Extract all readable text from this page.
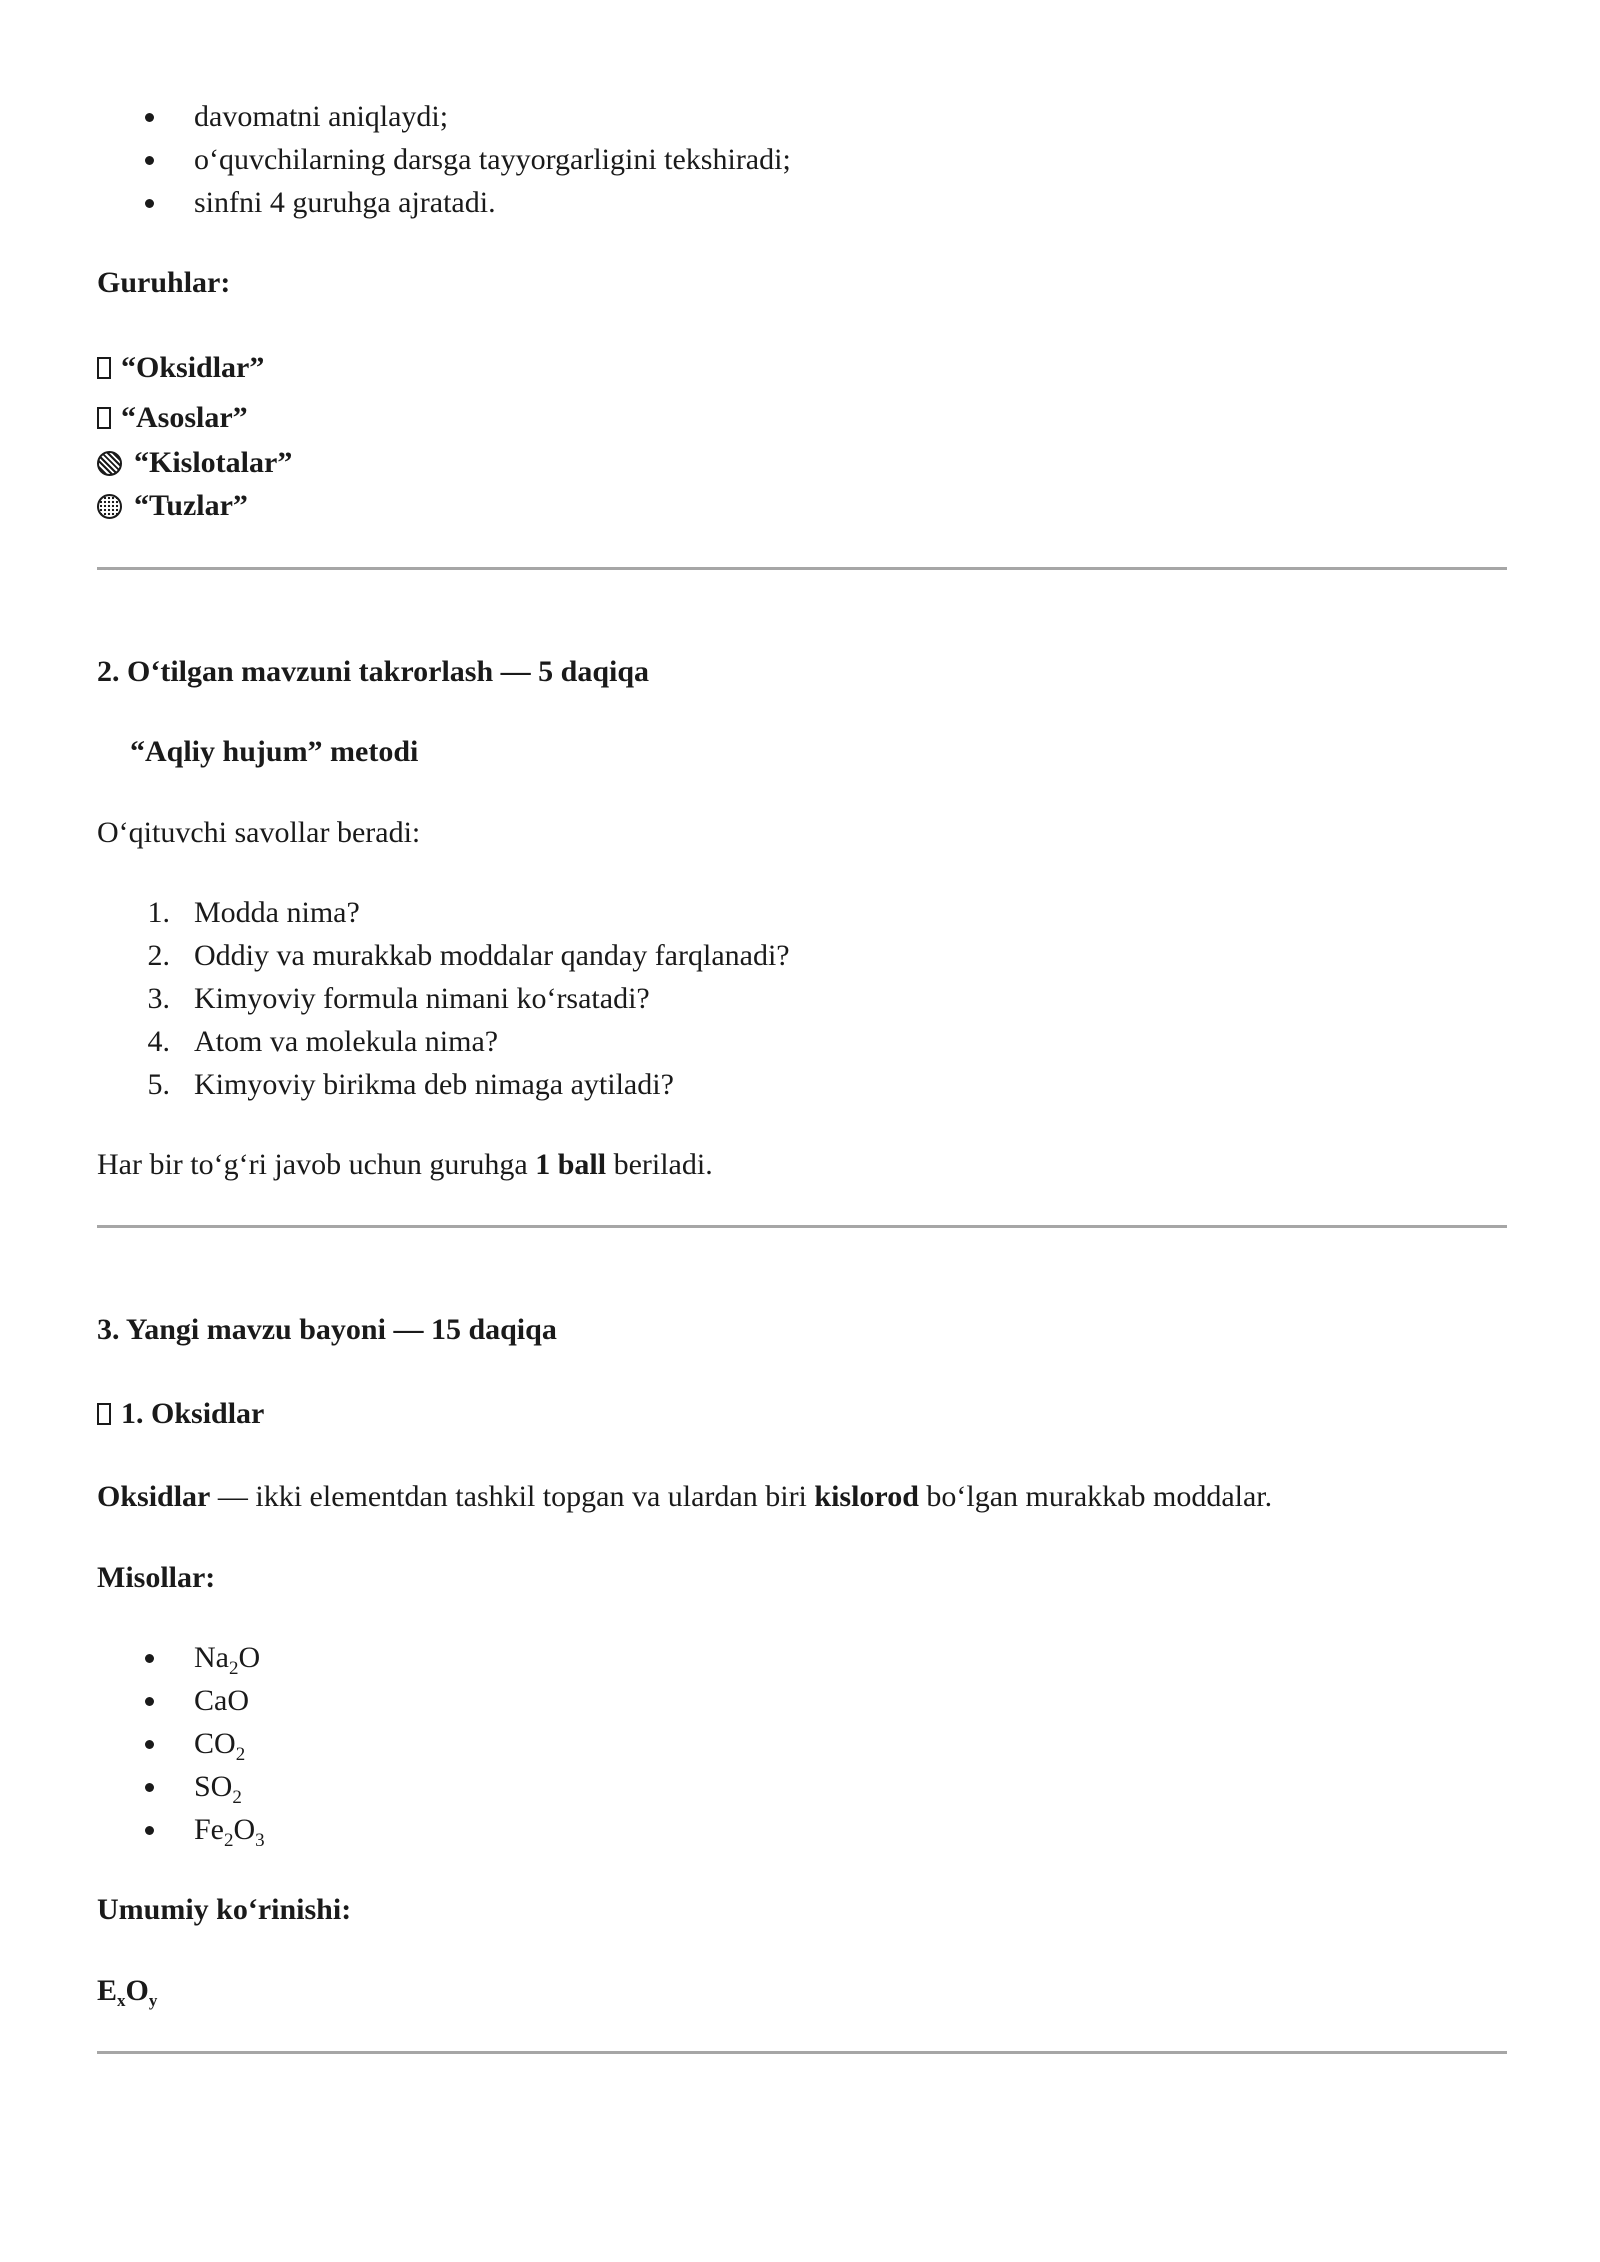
davomatni aniqlaydi;
o‘quvchilarning darsga tayyorgarligini tekshiradi;
sinfni 4 guruhga ajratadi.
Guruhlar:
“Oksidlar”
“Asoslar”
“Kislotalar”
“Tuzlar”
2. O‘tilgan mavzuni takrorlash — 5 daqiqa
“Aqliy hujum” metodi
O‘qituvchi savollar beradi:
1. Modda nima?
2. Oddiy va murakkab moddalar qanday farqlanadi?
3. Kimyoviy formula nimani ko‘rsatadi?
4. Atom va molekula nima?
5. Kimyoviy birikma deb nimaga aytiladi?
Har bir to‘g‘ri javob uchun guruhga 1 ball beriladi.
3. Yangi mavzu bayoni — 15 daqiqa
1. Oksidlar
Oksidlar — ikki elementdan tashkil topgan va ulardan biri kislorod bo‘lgan murakkab moddalar.
Misollar:
$Na_2O$
CaO
$CO_2$
$SO_2$
$Fe_2O_3$
Umumiy ko‘rinishi:
$E_xO_y$
